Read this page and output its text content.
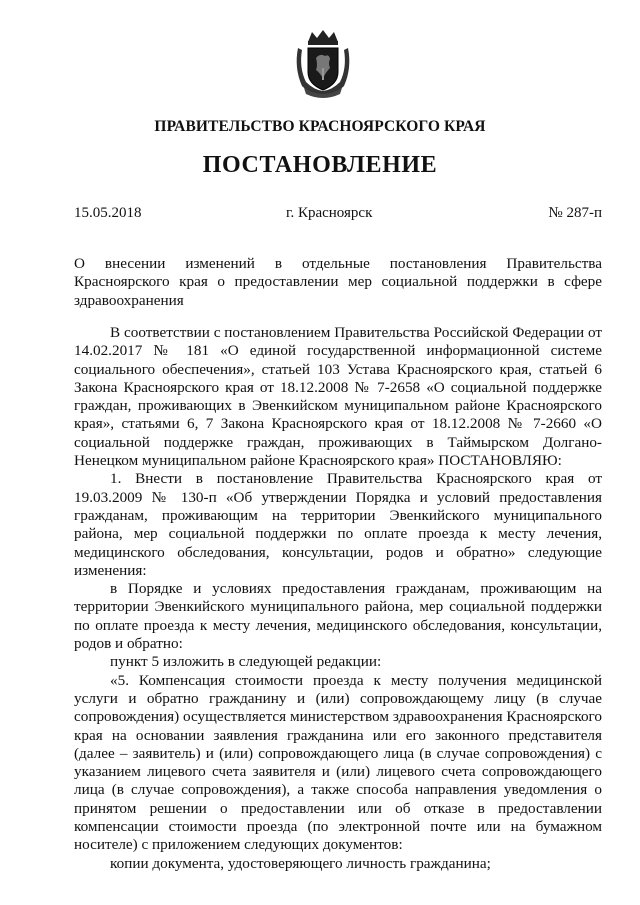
ПРАВИТЕЛЬСТВО КРАСНОЯРСКОГО КРАЯ
ПОСТАНОВЛЕНИЕ
15.05.2018	г. Красноярск	№ 287-п
О внесении изменений в отдельные постановления Правительства Красноярского края о предоставлении мер социальной поддержки в сфере здравоохранения

В соответствии с постановлением Правительства Российской Федерации от 14.02.2017 № 181 «О единой государственной информационной системе социального обеспечения», статьей 103 Устава Красноярского края, статьей 6 Закона Красноярского края от 18.12.2008 № 7-2658 «О социальной поддержке граждан, проживающих в Эвенкийском муниципальном районе Красноярского края», статьями 6, 7 Закона Красноярского края от 18.12.2008 № 7-2660 «О социальной поддержке граждан, проживающих в Таймырском Долгано-Ненецком муниципальном районе Красноярского края» ПОСТАНОВЛЯЮ:

1. Внести в постановление Правительства Красноярского края от 19.03.2009 № 130-п «Об утверждении Порядка и условий предоставления гражданам, проживающим на территории Эвенкийского муниципального района, мер социальной поддержки по оплате проезда к месту лечения, медицинского обследования, консультации, родов и обратно» следующие изменения:

в Порядке и условиях предоставления гражданам, проживающим на территории Эвенкийского муниципального района, мер социальной поддержки по оплате проезда к месту лечения, медицинского обследования, консультации, родов и обратно:

пункт 5 изложить в следующей редакции:

«5. Компенсация стоимости проезда к месту получения медицинской услуги и обратно гражданину и (или) сопровождающему лицу (в случае сопровождения) осуществляется министерством здравоохранения Красноярского края на основании заявления гражданина или его законного представителя (далее – заявитель) и (или) сопровождающего лица (в случае сопровождения) с указанием лицевого счета заявителя и (или) лицевого счета сопровождающего лица (в случае сопровождения), а также способа направления уведомления о принятом решении о предоставлении или об отказе в предоставлении компенсации стоимости проезда (по электронной почте или на бумажном носителе) с приложением следующих документов:

копии документа, удостоверяющего личность гражданина;
